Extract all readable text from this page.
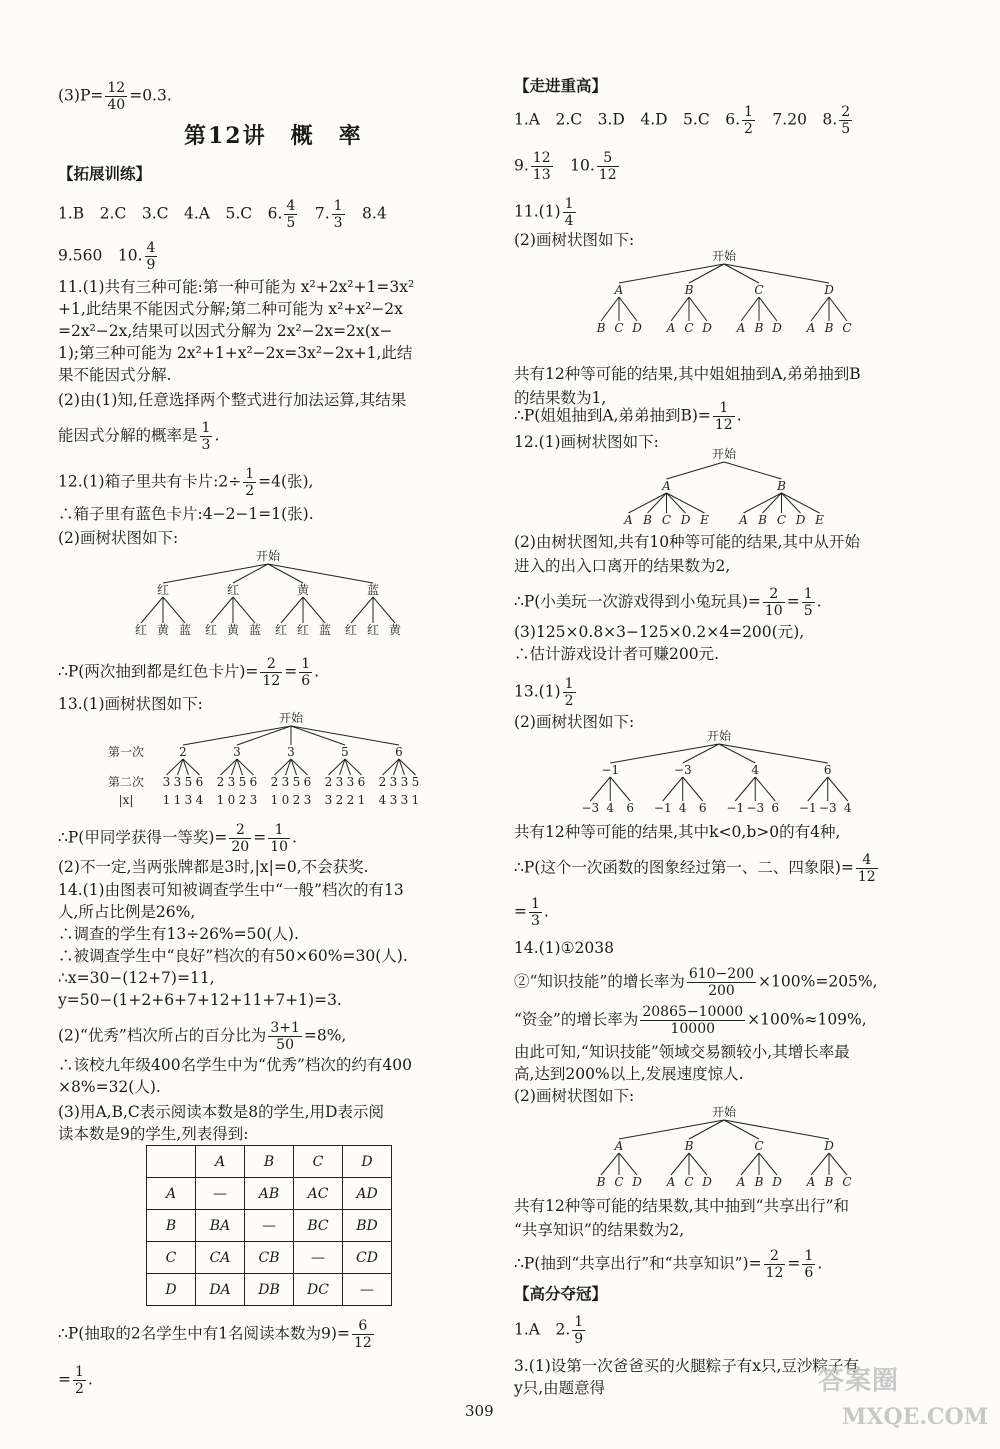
$(3)P= \frac{12}{40} =0.3$.
第12讲　概　率
【拓展训练】
1.B　2.C　3.C　4.A　5.C　6. $\frac{4}{5}$ 　7. $\frac{1}{3}$ 　8.4
9.560　10. $\frac{4}{9}$
11.(1)共有三种可能:第一种可能为 x²+2x²+1=3x²
+1,此结果不能因式分解;第二种可能为 x²+x²−2x
=2x²−2x,结果可以因式分解为 2x²−2x=2x(x−
1);第三种可能为 2x²+1+x²−2x=3x²−2x+1,此结
果不能因式分解.
(2)由(1)知,任意选择两个整式进行加法运算,其结果
能因式分解的概率是 $\frac{1}{3}$ .
12.(1)箱子里共有卡片:2÷ $\frac{1}{2} =4$(张),
∴箱子里有蓝色卡片:4−2−1=1(张).
(2)画树状图如下:
开始
红
红 黄 蓝
红
红 黄 蓝
黄
红 红 蓝
蓝
红 红 黄
∴P(两次抽到都是红色卡片)= $\frac{2}{12} = \frac{1}{6}$ .
13.(1)画树状图如下:
开始
第一次
第二次
|x|
2
3
1
3
1
5
3
6
4
3
2
1
3
0
5
2
6
3
3
2
1
3
0
5
2
6
3
5
2
3
3
2
3
2
6
1
6
2
4
3
3
3
3
5
1
∴P(甲同学获得一等奖)= $\frac{2}{20} = \frac{1}{10}$ .
(2)不一定,当两张牌都是3时,|x|=0,不会获奖.
14.(1)由图表可知被调查学生中“一般”档次的有13
人,所占比例是26%,
∴调查的学生有13÷26%=50(人).
∴被调查学生中“良好”档次的有50×60%=30(人).
∴x=30−(12+7)=11,
y=50−(1+2+6+7+12+11+7+1)=3.
(2)“优秀”档次所占的百分比为 $\frac{3+1}{50} =8\%$,
∴该校九年级400名学生中为“优秀”档次的约有400
×8%=32(人).
(3)用A,B,C表示阅读本数是8的学生,用D表示阅
读本数是9的学生,列表得到:
	A	B	C	D
A	—	AB	AC	AD
B	BA	—	BC	BD
C	CA	CB	—	CD
D	DA	DB	DC	—
∴P(抽取的2名学生中有1名阅读本数为$9)= \frac{6}{12}$
= $\frac{1}{2}$ .
【走进重高】
1.A　2.C　3.D　4.D　5.C　6. $\frac{1}{2}$ 　7.20　8. $\frac{2}{5}$
9. $\frac{12}{13}$ 　10. $\frac{5}{12}$
$11.(1) \frac{1}{4}$
(2)画树状图如下:
开始
A
B C D
B
A C D
C
A B D
D
A B C
共有12种等可能的结果,其中姐姐抽到A,弟弟抽到B
的结果数为1,
∴P(姐姐抽到A,弟弟抽到$B)= \frac{1}{12}$ .
12.(1)画树状图如下:
开始
A
A B C D E
B
A B C D E
(2)由树状图知,共有10种等可能的结果,其中从开始
进入的出入口离开的结果数为2,
∴P(小美玩一次游戏得到小兔玩具)= $\frac{2}{10} = \frac{1}{5}$ .
(3)125×0.8×3−125×0.2×4=200(元),
∴估计游戏设计者可赚200元.
$13.(1) \frac{1}{2}$
(2)画树状图如下:
开始
−1
−3 4 6
−3
−1 4 6
4
−1 −3 6
6
−1 −3 4
共有12种等可能的结果,其中k<0,b>0的有4种,
∴P(这个一次函数的图象经过第一、二、四象限)= $\frac{4}{12}$
= $\frac{1}{3}$ .
14.(1)①2038
②“知识技能”的增长率为 $\frac{610-200}{200} \times 100\%=205\%$,
“资金”的增长率为 $\frac{20865-10000}{10000} \times 100\%\approx 109\%$,
由此可知,“知识技能”领域交易额较小,其增长率最
高,达到200%以上,发展速度惊人.
(2)画树状图如下:
开始
A
B C D
B
A C D
C
A B D
D
A B C
共有12种等可能的结果数,其中抽到“共享出行”和
“共享知识”的结果数为2,
∴P(抽到“共享出行”和“共享知识”)= $\frac{2}{12} = \frac{1}{6}$ .
【高分夺冠】
1.A　2. $\frac{1}{9}$
3.(1)设第一次爸爸买的火腿粽子有x只,豆沙粽子有
y只,由题意得
309
答案圈
MXQE.COM
